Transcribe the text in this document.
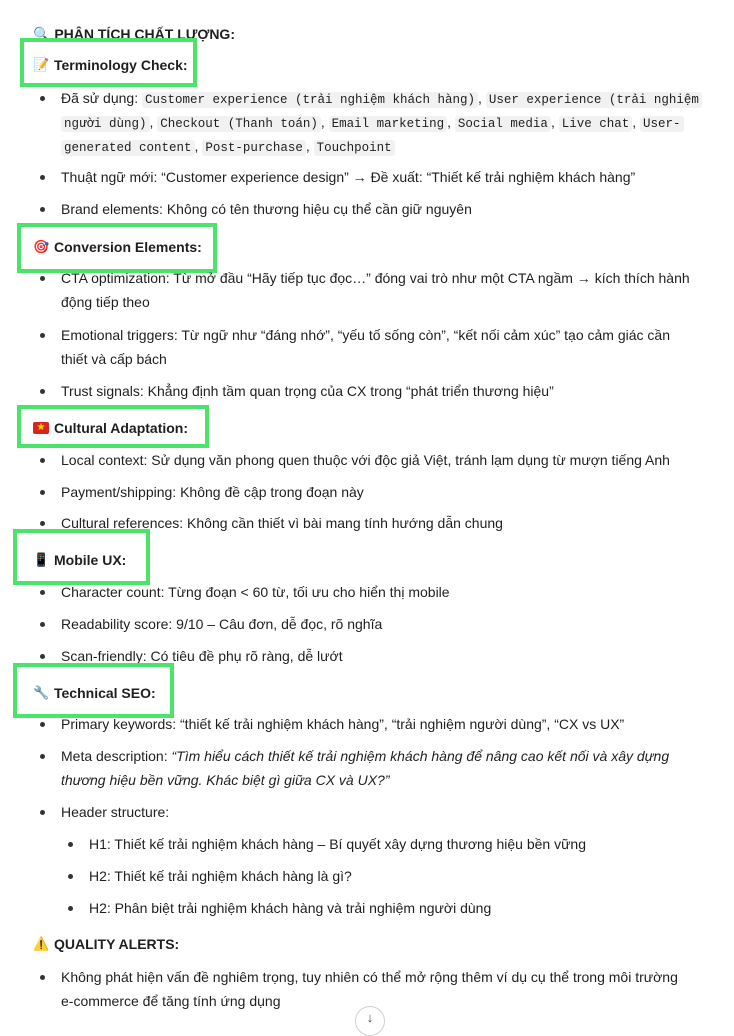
🔍 PHÂN TÍCH CHẤT LƯỢNG:
📝 Terminology Check:
Đã sử dụng: Customer experience (trải nghiệm khách hàng) , User experience (trải nghiệm
người dùng) , Checkout (Thanh toán) , Email marketing , Social media , Live chat , User-
generated content , Post-purchase , Touchpoint
Thuật ngữ mới: “Customer experience design” → Đề xuất: “Thiết kế trải nghiệm khách hàng”
Brand elements: Không có tên thương hiệu cụ thể cần giữ nguyên
🎯 Conversion Elements:
CTA optimization: Từ mở đầu “Hãy tiếp tục đọc…” đóng vai trò như một CTA ngầm → kích thích hành
động tiếp theo
Emotional triggers: Từ ngữ như “đáng nhớ”, “yếu tố sống còn”, “kết nối cảm xúc” tạo cảm giác cần
thiết và cấp bách
Trust signals: Khẳng định tầm quan trọng của CX trong “phát triển thương hiệu”
★ Cultural Adaptation:
Local context: Sử dụng văn phong quen thuộc với độc giả Việt, tránh lạm dụng từ mượn tiếng Anh
Payment/shipping: Không đề cập trong đoạn này
Cultural references: Không cần thiết vì bài mang tính hướng dẫn chung
📱 Mobile UX:
Character count: Từng đoạn < 60 từ, tối ưu cho hiển thị mobile
Readability score: 9/10 – Câu đơn, dễ đọc, rõ nghĩa
Scan-friendly: Có tiêu đề phụ rõ ràng, dễ lướt
🔧 Technical SEO:
Primary keywords: “thiết kế trải nghiệm khách hàng”, “trải nghiệm người dùng”, “CX vs UX”
Meta description: “Tìm hiểu cách thiết kế trải nghiệm khách hàng để nâng cao kết nối và xây dựng
thương hiệu bền vững. Khác biệt gì giữa CX và UX?”
Header structure:
H1: Thiết kế trải nghiệm khách hàng – Bí quyết xây dựng thương hiệu bền vững
H2: Thiết kế trải nghiệm khách hàng là gì?
H2: Phân biệt trải nghiệm khách hàng và trải nghiệm người dùng
⚠️ QUALITY ALERTS:
Không phát hiện vấn đề nghiêm trọng, tuy nhiên có thể mở rộng thêm ví dụ cụ thể trong môi trường
e-commerce để tăng tính ứng dụng
↓
